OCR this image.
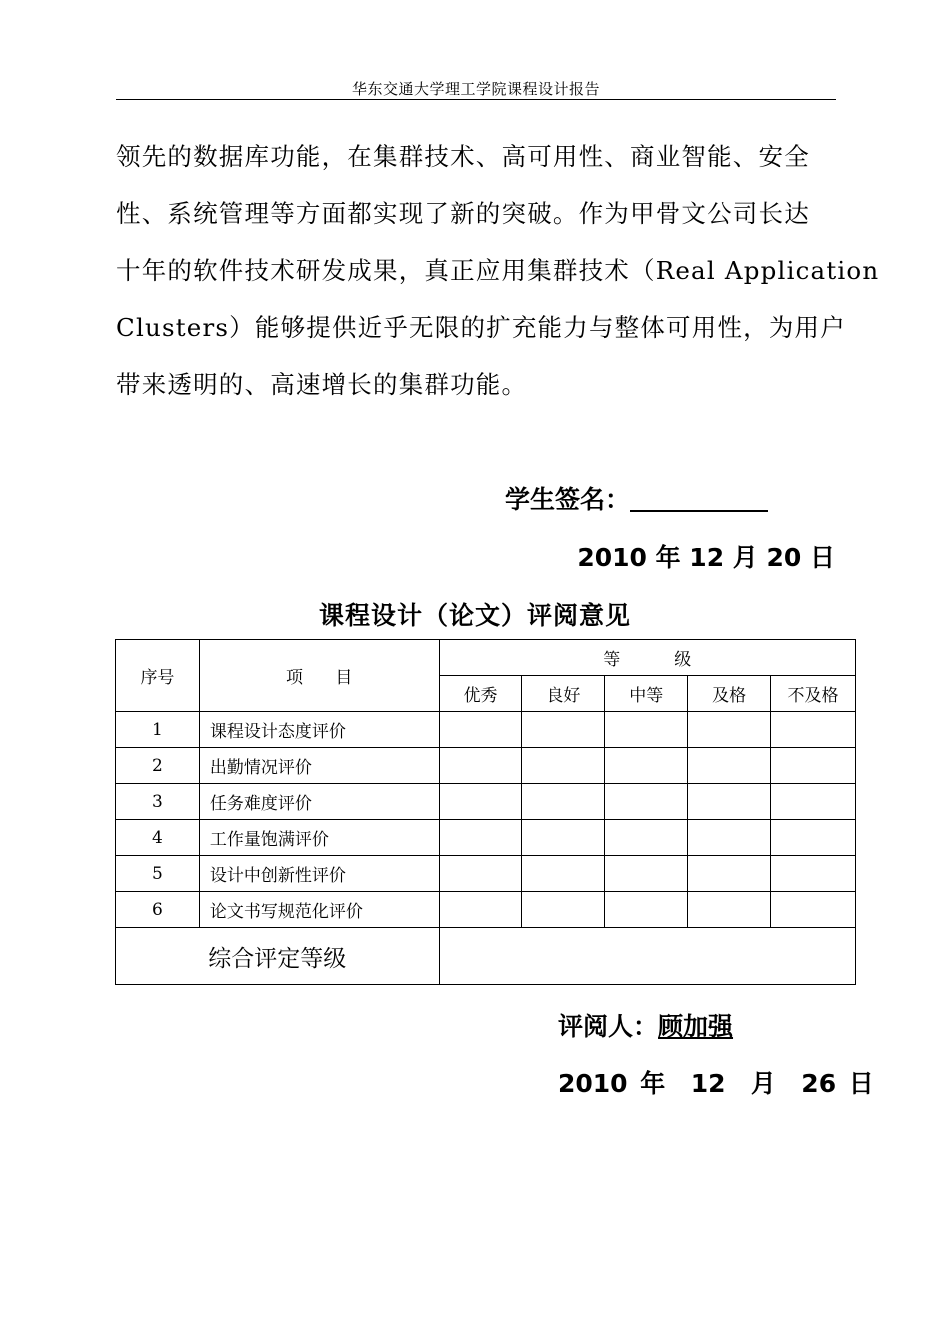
华东交通大学理工学院课程设计报告
领先的数据库功能，在集群技术、高可用性、商业智能、安全
性、系统管理等方面都实现了新的突破。作为甲骨文公司长达
十年的软件技术研发成果，真正应用集群技术（Real Application
Clusters）能够提供近乎无限的扩充能力与整体可用性，为用户
带来透明的、高速增长的集群功能。
学生签名：
2010 年 12 月 20 日
课程设计（论文）评阅意见
序号	项      目	等          级				
		优秀	良好	中等	及格	不及格
1	课程设计态度评价					
2	出勤情况评价					
3	任务难度评价					
4	工作量饱满评价					
5	设计中创新性评价					
6	论文书写规范化评价					
综合评定等级						
评阅人：顾加强
2010 年  12  月  26 日
